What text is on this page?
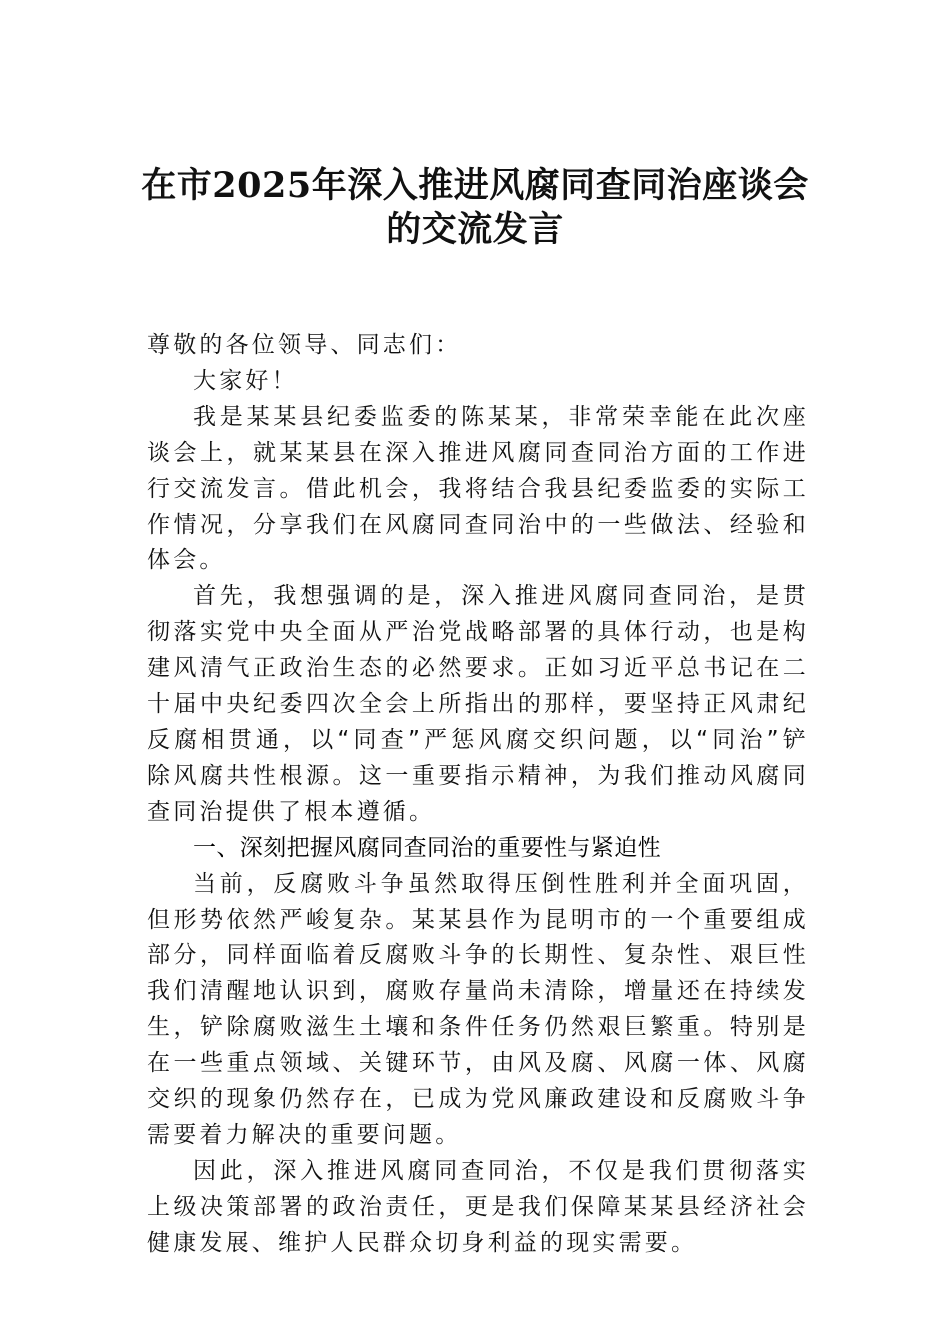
在市2025年深入推进风腐同查同治座谈会
的交流发言

尊敬的各位领导、同志们：

大家好！

我是某某县纪委监委的陈某某，非常荣幸能在此次座谈会上，就某某县在深入推进风腐同查同治方面的工作进行交流发言。借此机会，我将结合我县纪委监委的实际工作情况，分享我们在风腐同查同治中的一些做法、经验和体会。

首先，我想强调的是，深入推进风腐同查同治，是贯彻落实党中央全面从严治党战略部署的具体行动，也是构建风清气正政治生态的必然要求。正如习近平总书记在二十届中央纪委四次全会上所指出的那样，要坚持正风肃纪反腐相贯通，以“同查”严惩风腐交织问题，以“同治”铲除风腐共性根源。这一重要指示精神，为我们推动风腐同查同治提供了根本遵循。

一、深刻把握风腐同查同治的重要性与紧迫性

当前，反腐败斗争虽然取得压倒性胜利并全面巩固，但形势依然严峻复杂。某某县作为昆明市的一个重要组成部分，同样面临着反腐败斗争的长期性、复杂性、艰巨性我们清醒地认识到，腐败存量尚未清除，增量还在持续发生，铲除腐败滋生土壤和条件任务仍然艰巨繁重。特别是在一些重点领域、关键环节，由风及腐、风腐一体、风腐交织的现象仍然存在，已成为党风廉政建设和反腐败斗争需要着力解决的重要问题。

因此，深入推进风腐同查同治，不仅是我们贯彻落实上级决策部署的政治责任，更是我们保障某某县经济社会健康发展、维护人民群众切身利益的现实需要。
